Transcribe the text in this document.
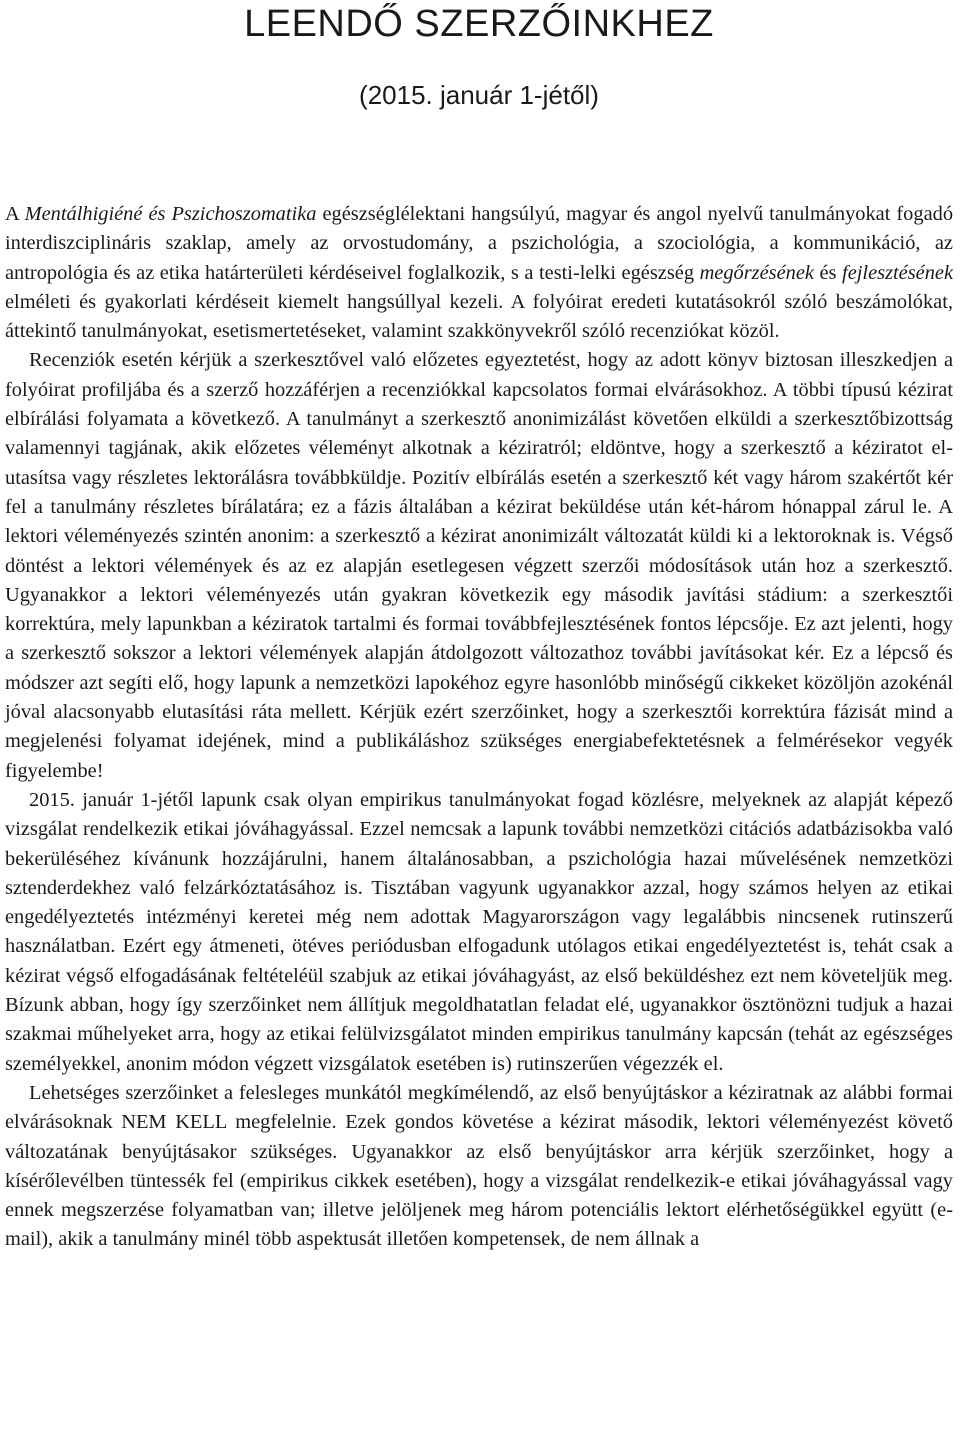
LEENDŐ SZERZŐINKHEZ
(2015. január 1-jétől)

A Mentálhigiéné és Pszichoszomatika egészséglélektani hangsúlyú, magyar és angol nyelvű tanulmányokat fogadó interdiszciplináris szaklap, amely az orvostudomány, a pszichológia, a szociológia, a kommunikáció, az antropológia és az etika határterületi kérdéseivel foglalkozik, s a testi-lelki egészség megőrzésének és fejlesztésének elméleti és gyakorlati kérdéseit kiemelt hangsúllyal kezeli. A folyóirat eredeti kutatásokról szóló beszámolókat, áttekintő tanulmányokat, esetismertetéseket, valamint szakkönyvekről szóló recenziókat közöl.

Recenziók esetén kérjük a szerkesztővel való előzetes egyeztetést, hogy az adott könyv biztosan illeszkedjen a folyóirat profiljába és a szerző hozzáférjen a recenziókkal kapcsolatos formai elvárásokhoz. A többi típusú kézirat elbírálási folyamata a következő. A tanulmányt a szerkesztő anonimizálást követően elküldi a szerkesztőbizottság valamennyi tagjának, akik előzetes véleményt alkotnak a kéziratról; eldöntve, hogy a szerkesztő a kéziratot elutasítsa vagy részletes lektorálásra továbbküldje. Pozitív elbírálás esetén a szerkesztő két vagy három szakértőt kér fel a tanulmány részletes bírálatára; ez a fázis általában a kézirat beküldése után két-három hónappal zárul le. A lektori véleményezés szintén anonim: a szerkesztő a kézirat anonimizált változatát küldi ki a lektoroknak is. Végső döntést a lektori vélemények és az ez alapján esetlegesen végzett szerzői módosítások után hoz a szerkesztő. Ugyanakkor a lektori véleményezés után gyakran következik egy második javítási stádium: a szerkesztői korrektúra, mely lapunkban a kéziratok tartalmi és formai továbbfejlesztésének fontos lépcsője. Ez azt jelenti, hogy a szerkesztő sokszor a lektori vélemények alapján átdolgozott változathoz további javításokat kér. Ez a lépcső és módszer azt segíti elő, hogy lapunk a nemzetközi lapokéhoz egyre hasonlóbb minőségű cikkeket közöljön azokénál jóval alacsonyabb elutasítási ráta mellett. Kérjük ezért szerzőinket, hogy a szerkesztői korrektúra fázisát mind a megjelenési folyamat idejének, mind a publikáláshoz szükséges energiabefektetésnek a felmérésekor vegyék figyelembe!

2015. január 1-jétől lapunk csak olyan empirikus tanulmányokat fogad közlésre, melyeknek az alapját képező vizsgálat rendelkezik etikai jóváhagyással. Ezzel nemcsak a lapunk további nemzetközi citációs adatbázisokba való bekerüléséhez kívánunk hozzájárulni, hanem általánosabban, a pszichológia hazai művelésének nemzetközi sztenderdekhez való felzárkóztatásához is. Tisztában vagyunk ugyanakkor azzal, hogy számos helyen az etikai engedélyeztetés intézményi keretei még nem adottak Magyarországon vagy legalábbis nincsenek rutinszerű használatban. Ezért egy átmeneti, ötéves periódusban elfogadunk utólagos etikai engedélyeztetést is, tehát csak a kézirat végső elfogadásának feltételéül szabjuk az etikai jóváhagyást, az első beküldéshez ezt nem követeljük meg. Bízunk abban, hogy így szerzőinket nem állítjuk megoldhatatlan feladat elé, ugyanakkor ösztönözni tudjuk a hazai szakmai műhelyeket arra, hogy az etikai felülvizsgálatot minden empirikus tanulmány kapcsán (tehát az egészséges személyekkel, anonim módon végzett vizsgálatok esetében is) rutinszerűen végezzék el.

Lehetséges szerzőinket a felesleges munkától megkímélendő, az első benyújtáskor a kéziratnak az alábbi formai elvárásoknak NEM KELL megfelelnie. Ezek gondos követése a kézirat második, lektori véleményezést követő változatának benyújtásakor szükséges. Ugyanakkor az első benyújtáskor arra kérjük szerzőinket, hogy a kísérőlevélben tüntessék fel (empirikus cikkek esetében), hogy a vizsgálat rendelkezik-e etikai jóváhagyással vagy ennek megszerzése folyamatban van; illetve jelöljenek meg három potenciális lektort elérhetőségükkel együtt (e-mail), akik a tanulmány minél több aspektusát illetően kompetensek, de nem állnak a
